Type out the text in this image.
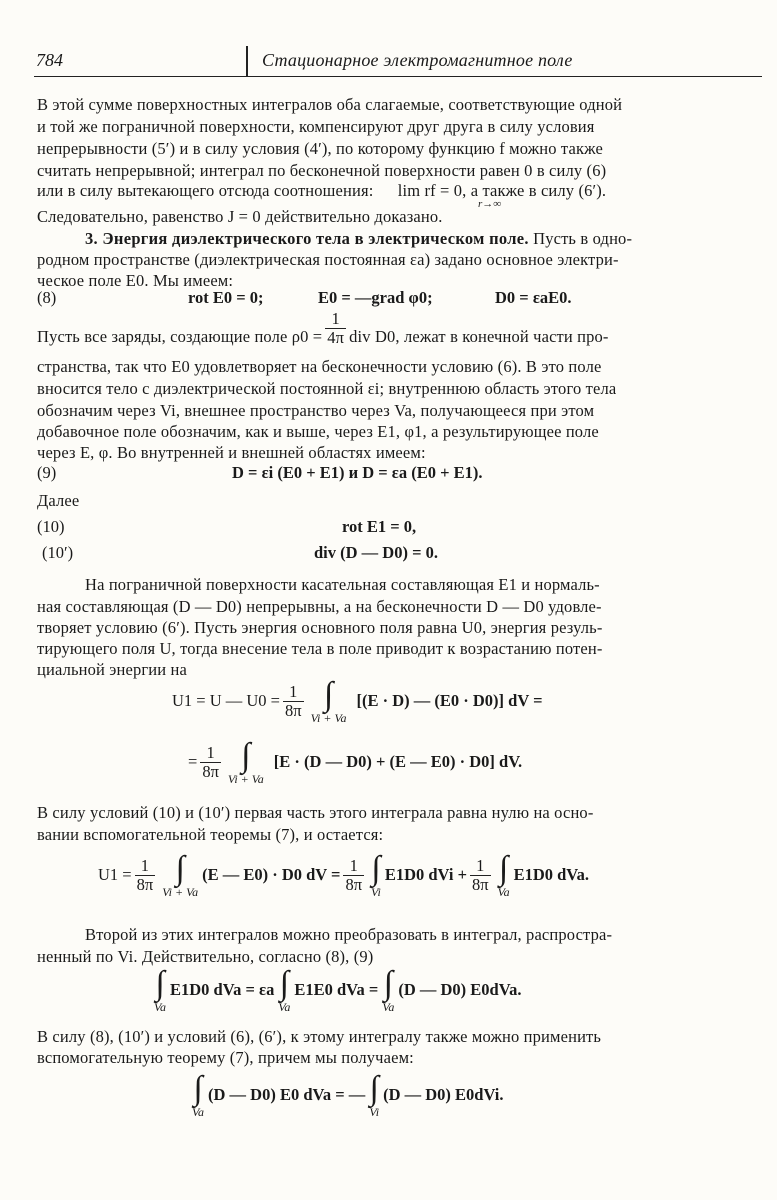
784	Стационарное электромагнитное поле
В этой сумме поверхностных интегралов оба слагаемые, соответствующие одной
и той же пограничной поверхности, компенсируют друг друга в силу условия
непрерывности (5′) и в силу условия (4′), по которому функцию f можно также
считать непрерывной; интеграл по бесконечной поверхности равен 0 в силу (6)
или в силу вытекающего отсюда соотношения: lim rf = 0, а также в силу (6′).
r→∞
Следовательно, равенство J = 0 действительно доказано.
3. Энергия диэлектрического тела в электрическом поле. Пусть в одно-
родном пространстве (диэлектрическая постоянная εa) задано основное электри-
ческое поле E0. Мы имеем:
(8)	rot E0 = 0;	E0 = —grad φ0;	D0 = εaE0.
Пусть все заряды, создающие поле $\rho 0 = \frac{1}{4\pi}$ div D0, лежат в конечной части про-
странства, так что E0 удовлетворяет на бесконечности условию (6). В это поле
вносится тело с диэлектрической постоянной εi; внутреннюю область этого тела
обозначим через Vi, внешнее пространство через Va, получающееся при этом
добавочное поле обозначим, как и выше, через E1, φ1, а результирующее поле
через E, φ. Во внутренней и внешней областях имеем:
(9)	D = εi (E0 + E1) и D = εa (E0 + E1).
Далее
(10)	rot E1 = 0,
(10′)	div (D — D0) = 0.
На пограничной поверхности касательная составляющая E1 и нормаль-
ная составляющая (D — D0) непрерывны, а на бесконечности D — D0 удовле-
творяет условию (6′). Пусть энергия основного поля равна U0, энергия резуль-
тирующего поля U, тогда внесение тела в поле приводит к возрастанию потен-
циальной энергии на
U1 = U — $U0 = \frac{1}{8\pi}$ ∫
Vi + Va
[(E · D) — (E0 · D0)] dV =
= $\frac{1}{8\pi}$ ∫
Vi + Va
[E · (D — D0) + (E — E0) · D0] dV.
В силу условий (10) и (10′) первая часть этого интеграла равна нулю на осно-
вании вспомогательной теоремы (7), и остается:
$U1 = \frac{1}{8\pi}$ ∫
Vi + Va
(E — E0) · D0 dV = $\frac{1}{8\pi}$ ∫
Vi
E1D0 dVi + $\frac{1}{8\pi}$ ∫
Va
E1D0 dVa.
Второй из этих интегралов можно преобразовать в интеграл, распростра-
ненный по Vi. Действительно, согласно (8), (9)
∫
Va
E1D0 dVa = εa ∫
Va
E1E0 dVa = ∫
Va
(D — D0) E0dVa.
В силу (8), (10′) и условий (6), (6′), к этому интегралу также можно применить
вспомогательную теорему (7), причем мы получаем:
∫
Va
(D — D0) E0 dVa = — ∫
Vi
(D — D0) E0dVi.
